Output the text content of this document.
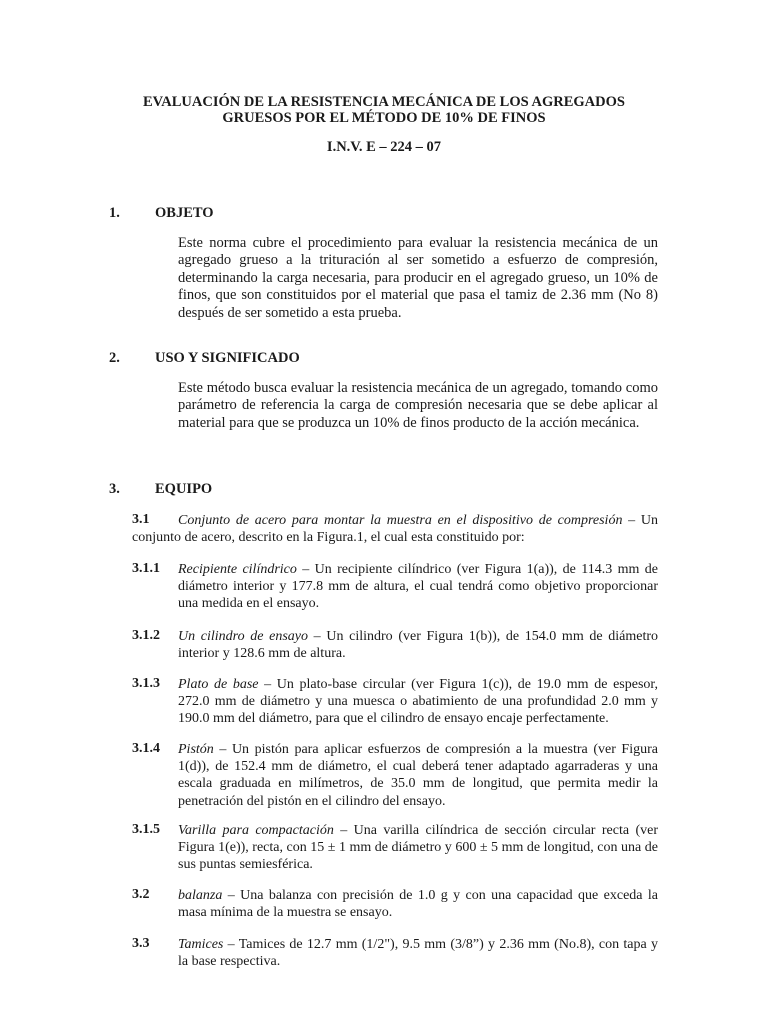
EVALUACIÓN DE LA RESISTENCIA MECÁNICA DE LOS AGREGADOS
GRUESOS POR EL MÉTODO DE 10% DE FINOS
I.N.V. E – 224 – 07
1. OBJETO
Este norma cubre el procedimiento para evaluar la resistencia mecánica de un agregado grueso a la trituración al ser sometido a esfuerzo de compresión, determinando la carga necesaria, para producir en el agregado grueso, un 10% de finos, que son constituidos por el material que pasa el tamiz de 2.36 mm (No 8) después de ser sometido a esta prueba.
2. USO Y SIGNIFICADO
Este método busca evaluar la resistencia mecánica de un agregado, tomando como parámetro de referencia la carga de compresión necesaria que se debe aplicar al material para que se produzca un 10% de finos producto de la acción mecánica.
3. EQUIPO
3.1	Conjunto de acero para montar la muestra en el dispositivo de compresión – Un conjunto de acero, descrito en la Figura.1, el cual esta constituido por:
3.1.1 Recipiente cilíndrico – Un recipiente cilíndrico (ver Figura 1(a)), de 114.3 mm de diámetro interior y 177.8 mm de altura, el cual tendrá como objetivo proporcionar una medida en el ensayo.
3.1.2 Un cilindro de ensayo – Un cilindro (ver Figura 1(b)), de 154.0 mm de diámetro interior y 128.6 mm de altura.
3.1.3 Plato de base – Un plato-base circular (ver Figura 1(c)), de 19.0 mm de espesor, 272.0 mm de diámetro y una muesca o abatimiento de una profundidad 2.0 mm y 190.0 mm del diámetro, para que el cilindro de ensayo encaje perfectamente.
3.1.4 Pistón – Un pistón para aplicar esfuerzos de compresión a la muestra (ver Figura 1(d)), de 152.4 mm de diámetro, el cual deberá tener adaptado agarraderas y una escala graduada en milímetros, de 35.0 mm de longitud, que permita medir la penetración del pistón en el cilindro del ensayo.
3.1.5 Varilla para compactación – Una varilla cilíndrica de sección circular recta (ver Figura 1(e)), recta, con 15 ± 1 mm de diámetro y 600 ± 5 mm de longitud, con una de sus puntas semiesférica.
3.2 balanza – Una balanza con precisión de 1.0 g y con una capacidad que exceda la masa mínima de la muestra se ensayo.
3.3 Tamices – Tamices de 12.7 mm (1/2"), 9.5 mm (3/8”) y 2.36 mm (No.8), con tapa y la base respectiva.
